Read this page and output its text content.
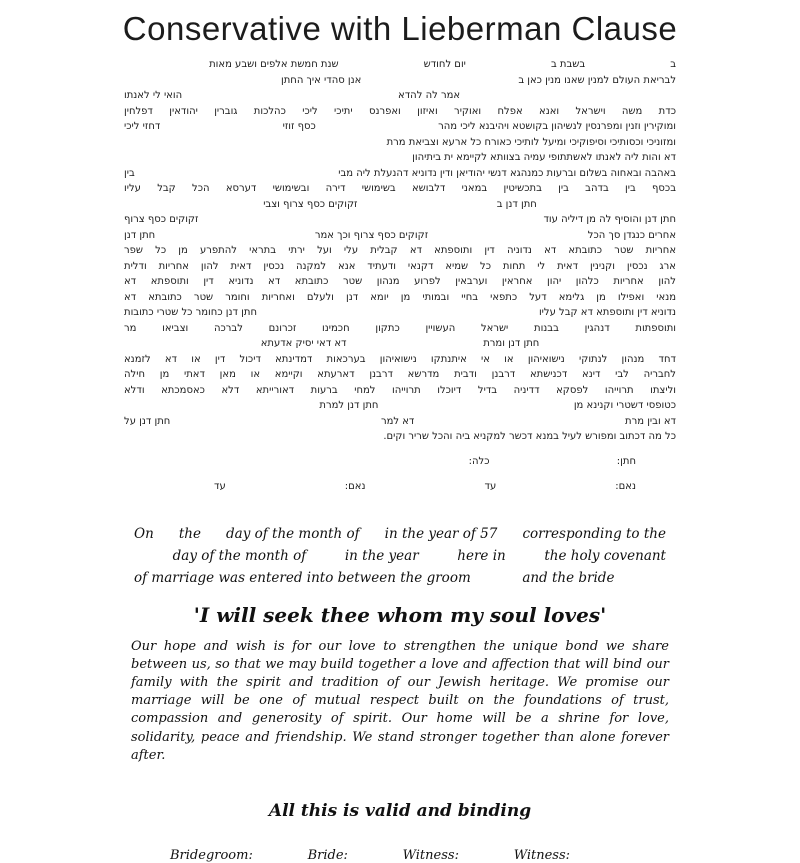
Conservative with Lieberman Clause
ב
בשבת ב
יום לחודש
שנת חמשת אלפים ושבע מאות
לבריאת העולם למנין שאנו מנין כאן ב
אנן סהדי איך החתן
אמר לה להדא
הואי לי לאנתו
כדת משה וישראל ואנא אפלח ואוקיר ואיזון ואפרנס יתיכי ליכי כהלכות גוברין יהודאין דפלחין
ומוקירין וזנין ומפרנסין לנשיהון בקושטא ויהיבנא ליכי מהר
כסף זוזי
דחזי ליכי
ומזוניכי וכסותיכי וסיפוקיכי ומיעל לותיכי כאורח כל ארעא וצביאת מרת
דא והות ליה לאנתו לאשתתופי עמיה בצוותא לקיימא ית ביתיהון
באהבה ובאחוה בשלום וברעות כמנהגא דנשי יהודיאן ודין נדוניא דהנעלת ליה מבי
בין
בכסף בין בדהב בין בתכשיטין במאני דלבושא בשימושי דירה ובשימושי דערסא הכל קבל עליו
חתן דנן ב
זקוקים כסף צרוף וצבי
חתן דנן והוסיף לה מן דיליה עוד
זקוקים כסף צרוף
אחרים כנגדן סך הכל
זקוקים כסף צרוף וכך אמר
חתן דנן
אחריות שטר כתובתא דא נדוניה דין ותוספתא דא קבלית עלי ועל ירתי בתראי להתפרע מן כל שפר
ארג נכסין וקנינין דאית לי תחות כל שמיא דקנאי ודעתיד אנא למקנה נכסין דאית להון אחריות ודלית
להון אחריות כלהון יהון אחראין וערבאין לפרוע מנהון שטר כתובתא דא נדוניא דין ותוספתא דא
מנאי ואפילו מן גלימא דעל כתפאי בחיי ובמותי מן יומא דנן ולעלם ואחריות וחומר שטר כתובתא דא
נדוניא דין ותוספתא דא קבל עליו
חתן דנן כחומר כל שטרי כתובות
ותוספתות דנהגין בבנות ישראל העשויין כתקון חכמינו זכרונם לברכה וצביאו מר
חתן דנן ומרת
דא דאי יסיק אדעתא
דחד מנהון לנתוקי נישואיהון או אי איתנתקו נישואיהון בערכאות דמדינתא דיכול דין או דא לזמנא
לחבריה לבי דינא דכנישתא דרבנן ודבית מדרשא דרבנן דארעתא וקיימא או מאן דאתי מן חילה
וליצתו תרוייהו לפסקא דדיניה בדיל דיוכלו תרוייהו למחי ברעות דאורייתא דלא כאסמכתא ודלא
כטופסי דשטרי וקנינא מן
חתן דנן למרת
דא ובין מרת
דא למר
חתן דנן על
כל מה דכתוב ומפורש לעיל במנא דכשר למקניא ביה והכל שריר וקים.
חתן:
כלה:
נאם:
עד
נאם:
עד
On the day of the month of in the year of 57 corresponding to the
day of the month of	in the year	here in	the holy covenant
of marriage was entered into between the groom	and the bride
'I will seek thee whom my soul loves'
Our hope and wish is for our love to strengthen the unique bond we share between us, so that we may build together a love and affection that will bind our family with the spirit and tradition of our Jewish heritage. We promise our marriage will be one of mutual respect built on the foundations of trust, compassion and generosity of spirit. Our home will be a shrine for love, solidarity, peace and friendship. We stand stronger together than alone forever after.
All this is valid and binding
Bridegroom:	Bride:	Witness:	Witness:
